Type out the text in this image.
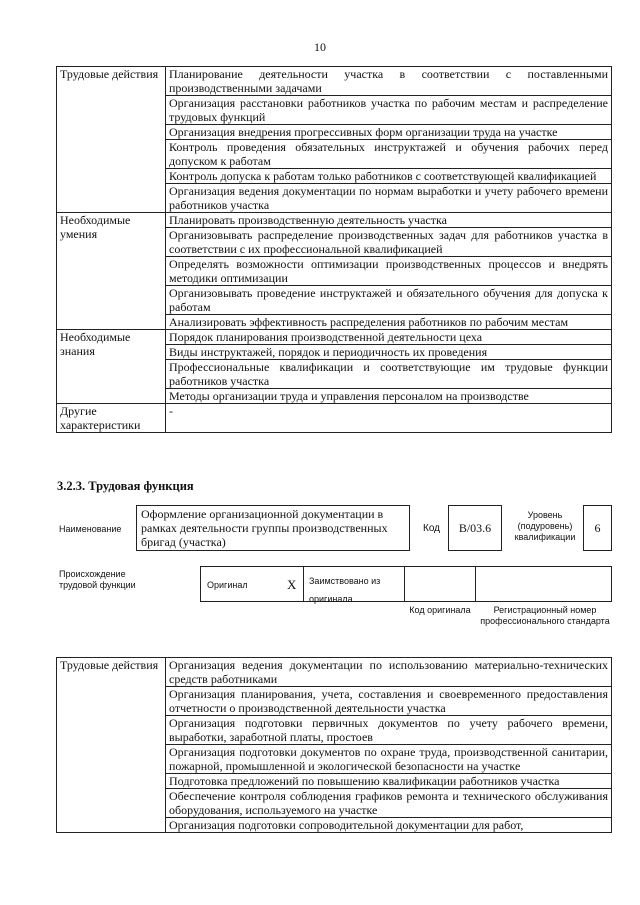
10
Трудовые действия	Планирование деятельности участка в соответствии с поставленными производственными задачами
	Организация расстановки работников участка по рабочим местам и распределение трудовых функций
	Организация внедрения прогрессивных форм организации труда на участке
	Контроль проведения обязательных инструктажей и обучения рабочих перед допуском к работам
	Контроль допуска к работам только работников с соответствующей квалификацией
	Организация ведения документации по нормам выработки и учету рабочего времени работников участка
Необходимые умения	Планировать производственную деятельность участка
	Организовывать распределение производственных задач для работников участка в соответствии с их профессиональной квалификацией
	Определять возможности оптимизации производственных процессов и внедрять методики оптимизации
	Организовывать проведение инструктажей и обязательного обучения для допуска к работам
	Анализировать эффективность распределения работников по рабочим местам
Необходимые знания	Порядок планирования производственной деятельности цеха
	Виды инструктажей, порядок и периодичность их проведения
	Профессиональные квалификации и соответствующие им трудовые функции работников участка
	Методы организации труда и управления персоналом на производстве
Другие характеристики	-
3.2.3. Трудовая функция
Наименование
Оформление организационной документации в рамках деятельности группы производственных бригад (участка)
Код B/03.6
Уровень (подуровень) квалификации
6
Происхождение трудовой функции	Оригинал	X	Заимствовано из оригинала
Код оригинала	Регистрационный номер профессионального стандарта
Трудовые действия	Организация ведения документации по использованию материально-технических средств работниками
Организация планирования, учета, составления и своевременного предоставления отчетности о производственной деятельности участка
Организация подготовки первичных документов по учету рабочего времени, выработки, заработной платы, простоев
Организация подготовки документов по охране труда, производственной санитарии, пожарной, промышленной и экологической безопасности на участке
Подготовка предложений по повышению квалификации работников участка
Обеспечение контроля соблюдения графиков ремонта и технического обслуживания оборудования, используемого на участке
Организация подготовки сопроводительной документации для работ,
